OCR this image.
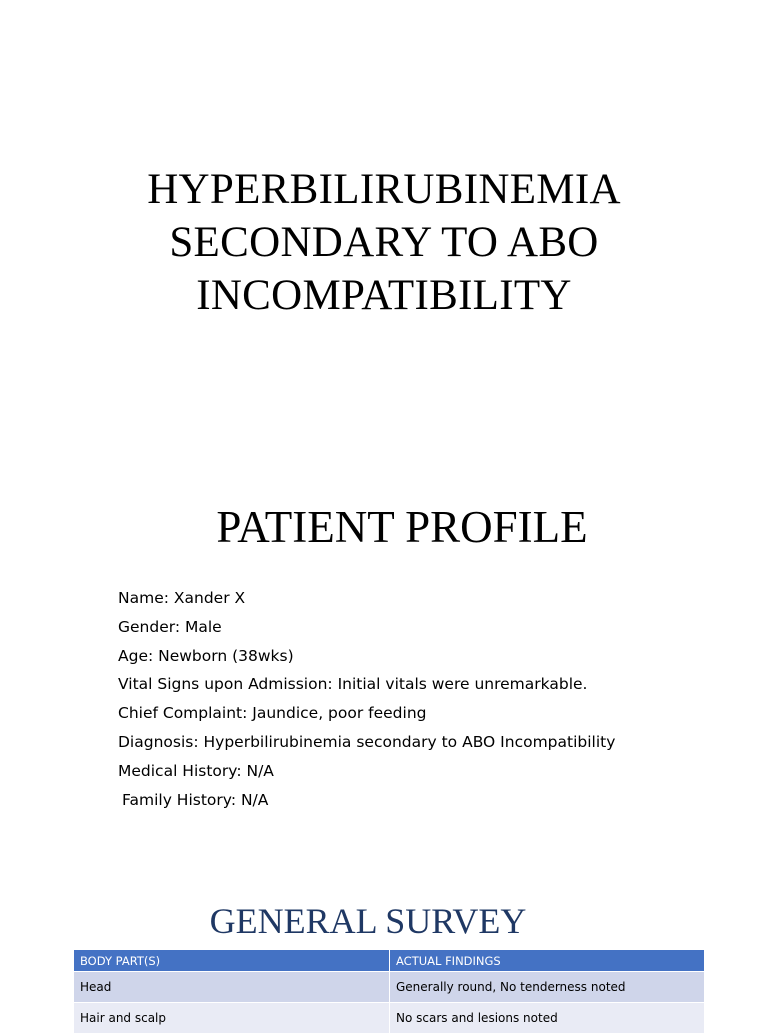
HYPERBILIRUBINEMIA
SECONDARY TO ABO
INCOMPATIBILITY
PATIENT PROFILE
Name: Xander X
Gender: Male
Age: Newborn (38wks)
Vital Signs upon Admission: Initial vitals were unremarkable.
Chief Complaint: Jaundice, poor feeding
Diagnosis: Hyperbilirubinemia secondary to ABO Incompatibility
Medical History: N/A
Family History: N/A
GENERAL SURVEY
BODY PART(S)	ACTUAL FINDINGS
Head	Generally round, No tenderness noted
Hair and scalp	No scars and lesions noted
